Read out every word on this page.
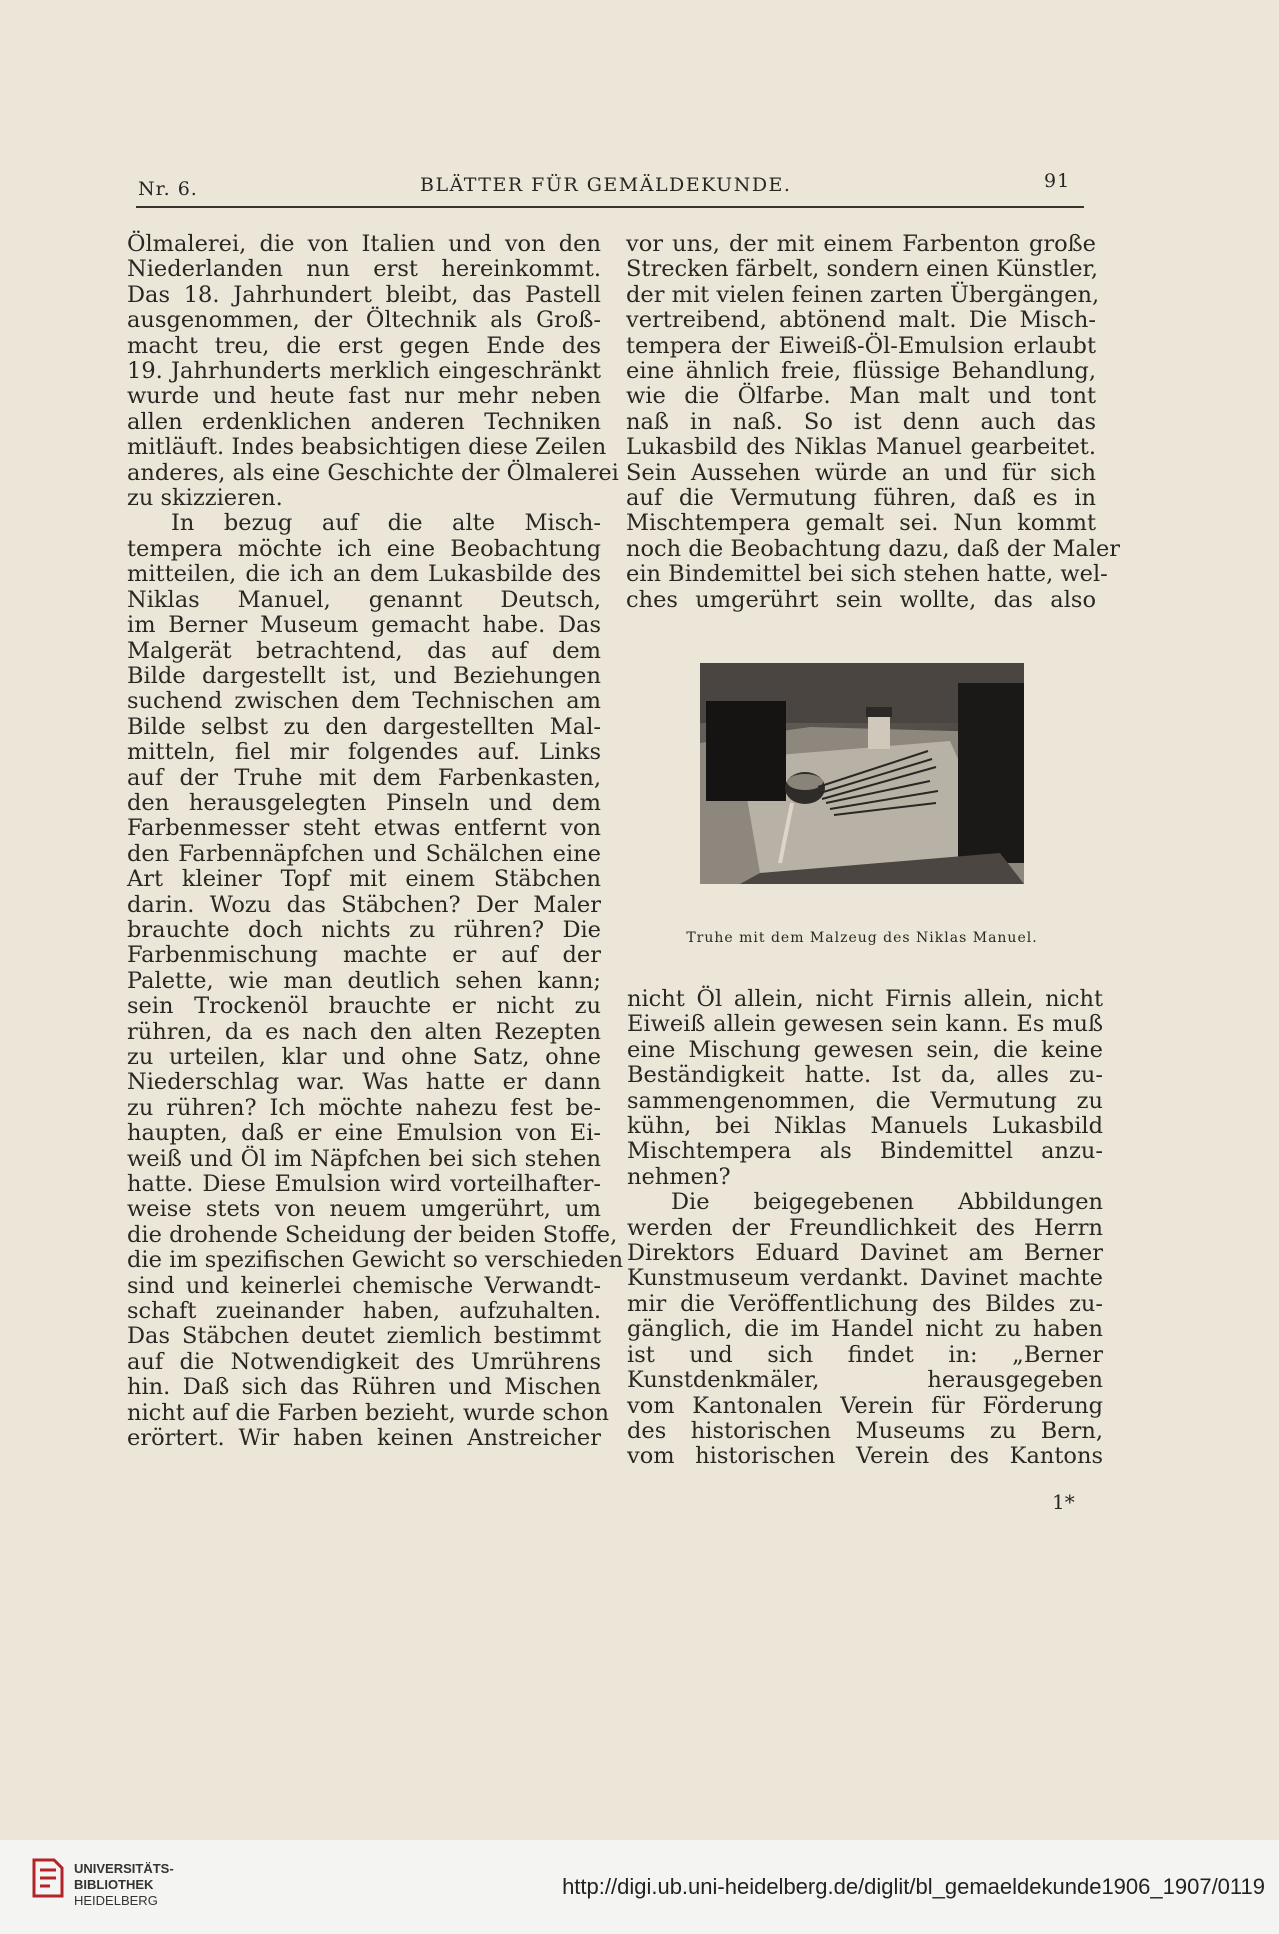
Nr. 6.	BLÄTTER FÜR GEMÄLDEKUNDE.	91
Ölmalerei, die von Italien und von den
Niederlanden nun erst hereinkommt.
Das 18. Jahrhundert bleibt, das Pastell
ausgenommen, der Öltechnik als Groß-
macht treu, die erst gegen Ende des
19. Jahrhunderts merklich eingeschränkt
wurde und heute fast nur mehr neben
allen erdenklichen anderen Techniken
mitläuft. Indes beabsichtigen diese Zeilen
anderes, als eine Geschichte der Ölmalerei
zu skizzieren.
In bezug auf die alte Misch-
tempera möchte ich eine Beobachtung
mitteilen, die ich an dem Lukasbilde des
Niklas Manuel, genannt Deutsch,
im Berner Museum gemacht habe. Das
Malgerät betrachtend, das auf dem
Bilde dargestellt ist, und Beziehungen
suchend zwischen dem Technischen am
Bilde selbst zu den dargestellten Mal-
mitteln, fiel mir folgendes auf. Links
auf der Truhe mit dem Farbenkasten,
den herausgelegten Pinseln und dem
Farbenmesser steht etwas entfernt von
den Farbennäpfchen und Schälchen eine
Art kleiner Topf mit einem Stäbchen
darin. Wozu das Stäbchen? Der Maler
brauchte doch nichts zu rühren? Die
Farbenmischung machte er auf der
Palette, wie man deutlich sehen kann;
sein Trockenöl brauchte er nicht zu
rühren, da es nach den alten Rezepten
zu urteilen, klar und ohne Satz, ohne
Niederschlag war. Was hatte er dann
zu rühren? Ich möchte nahezu fest be-
haupten, daß er eine Emulsion von Ei-
weiß und Öl im Näpfchen bei sich stehen
hatte. Diese Emulsion wird vorteilhafter-
weise stets von neuem umgerührt, um
die drohende Scheidung der beiden Stoffe,
die im spezifischen Gewicht so verschieden
sind und keinerlei chemische Verwandt-
schaft zueinander haben, aufzuhalten.
Das Stäbchen deutet ziemlich bestimmt
auf die Notwendigkeit des Umrührens
hin. Daß sich das Rühren und Mischen
nicht auf die Farben bezieht, wurde schon
erörtert. Wir haben keinen Anstreicher
vor uns, der mit einem Farbenton große
Strecken färbelt, sondern einen Künstler,
der mit vielen feinen zarten Übergängen,
vertreibend, abtönend malt. Die Misch-
tempera der Eiweiß-Öl-Emulsion erlaubt
eine ähnlich freie, flüssige Behandlung,
wie die Ölfarbe. Man malt und tont
naß in naß. So ist denn auch das
Lukasbild des Niklas Manuel gearbeitet.
Sein Aussehen würde an und für sich
auf die Vermutung führen, daß es in
Mischtempera gemalt sei. Nun kommt
noch die Beobachtung dazu, daß der Maler
ein Bindemittel bei sich stehen hatte, wel-
ches umgerührt sein wollte, das also
Truhe mit dem Malzeug des Niklas Manuel.
nicht Öl allein, nicht Firnis allein, nicht
Eiweiß allein gewesen sein kann. Es muß
eine Mischung gewesen sein, die keine
Beständigkeit hatte. Ist da, alles zu-
sammengenommen, die Vermutung zu
kühn, bei Niklas Manuels Lukasbild
Mischtempera als Bindemittel anzu-
nehmen?
Die beigegebenen Abbildungen
werden der Freundlichkeit des Herrn
Direktors Eduard Davinet am Berner
Kunstmuseum verdankt. Davinet machte
mir die Veröffentlichung des Bildes zu-
gänglich, die im Handel nicht zu haben
ist und sich findet in: „Berner
Kunstdenkmäler, herausgegeben
vom Kantonalen Verein für Förderung
des historischen Museums zu Bern,
vom historischen Verein des Kantons
1*
UNIVERSITÄTS-
BIBLIOTHEK
HEIDELBERG
http://digi.ub.uni-heidelberg.de/diglit/bl_gemaeldekunde1906_1907/0119
